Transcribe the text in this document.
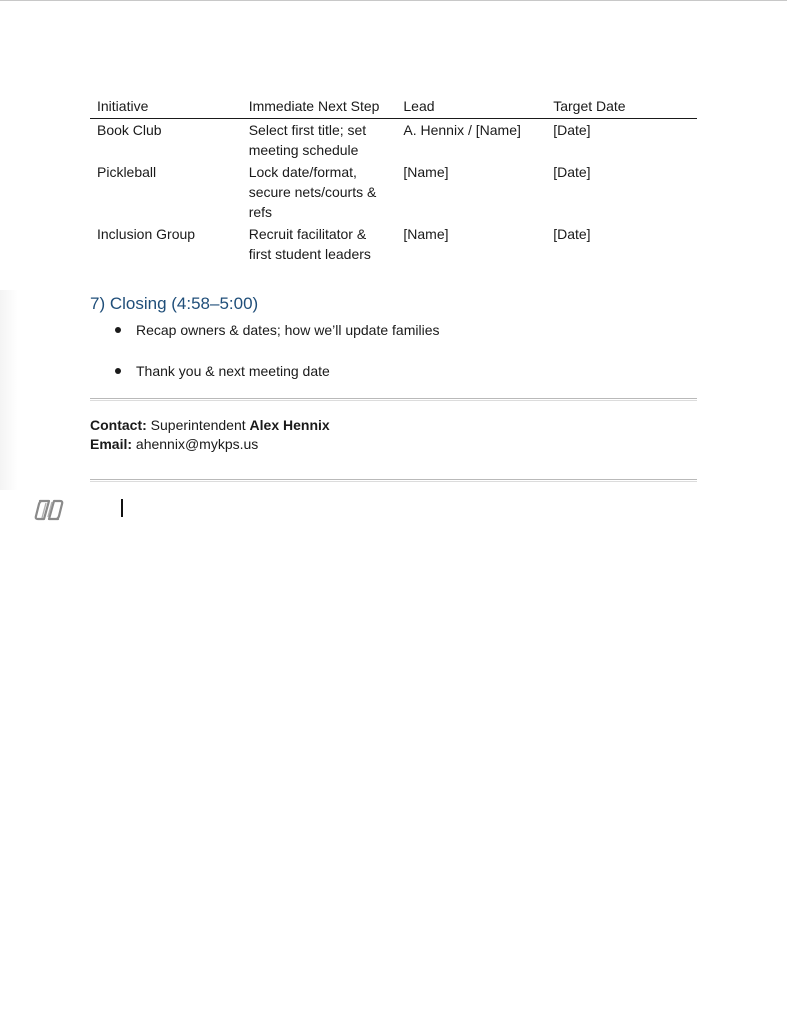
Initiative	Immediate Next Step	Lead	Target Date
Book Club	Select first title; set meeting schedule	A. Hennix / [Name]	[Date]
Pickleball	Lock date/format, secure nets/courts & refs	[Name]	[Date]
Inclusion Group	Recruit facilitator & first student leaders	[Name]	[Date]
7) Closing (4:58–5:00)
Recap owners & dates; how we’ll update families
Thank you & next meeting date
Contact: Superintendent Alex Hennix
Email: ahennix@mykps.us
